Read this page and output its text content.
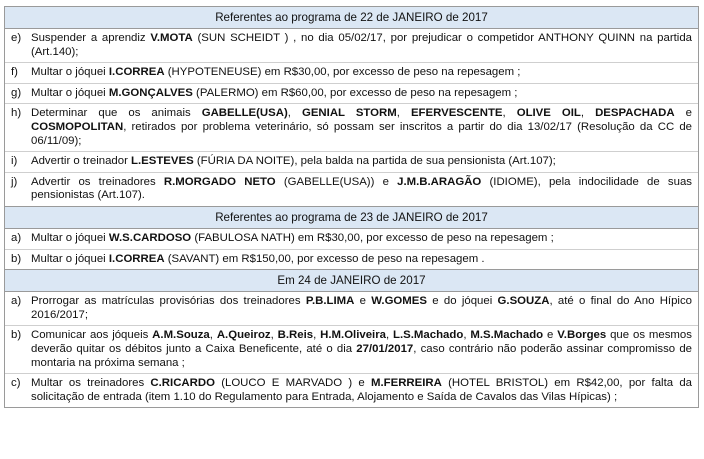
Referentes ao programa de 22 de JANEIRO de 2017

e) Suspender a aprendiz V.MOTA (SUN SCHEIDT ) , no dia 05/02/17, por prejudicar o competidor ANTHONY QUINN na partida (Art.140);
f)	Multar o jóquei I.CORREA (HYPOTENEUSE) em R$30,00, por excesso de peso na repesagem ;
g) Multar o jóquei M.GONÇALVES (PALERMO) em R$60,00, por excesso de peso na repesagem ;
h) Determinar que os animais GABELLE(USA), GENIAL STORM, EFERVESCENTE, OLIVE OIL, DESPACHADA e COSMOPOLITAN, retirados por problema veterinário, só possam ser inscritos a partir do dia 13/02/17 (Resolução da CC de 06/11/09);
i)	Advertir o treinador L.ESTEVES (FÚRIA DA NOITE), pela balda na partida de sua pensionista (Art.107);
j)	Advertir os treinadores R.MORGADO NETO (GABELLE(USA)) e J.M.B.ARAGÃO (IDIOME), pela indocilidade de suas pensionistas (Art.107).

Referentes ao programa de 23 de JANEIRO de 2017

a) Multar o jóquei W.S.CARDOSO (FABULOSA NATH) em R$30,00, por excesso de peso na repesagem ;
b) Multar o jóquei I.CORREA (SAVANT) em R$150,00, por excesso de peso na repesagem .

Em 24 de JANEIRO de 2017

a) Prorrogar as matrículas provisórias dos treinadores P.B.LIMA e W.GOMES e do jóquei G.SOUZA, até o final do Ano Hípico 2016/2017;
b) Comunicar aos jóqueis A.M.Souza, A.Queiroz, B.Reis, H.M.Oliveira, L.S.Machado, M.S.Machado e V.Borges que os mesmos deverão quitar os débitos junto a Caixa Beneficente, até o dia 27/01/2017, caso contrário não poderão assinar compromisso de montaria na próxima semana ;
c) Multar os treinadores C.RICARDO (LOUCO E MARVADO ) e M.FERREIRA (HOTEL BRISTOL) em R$42,00, por falta da solicitação de entrada (item 1.10 do Regulamento para Entrada, Alojamento e Saída de Cavalos das Vilas Hípicas) ;
